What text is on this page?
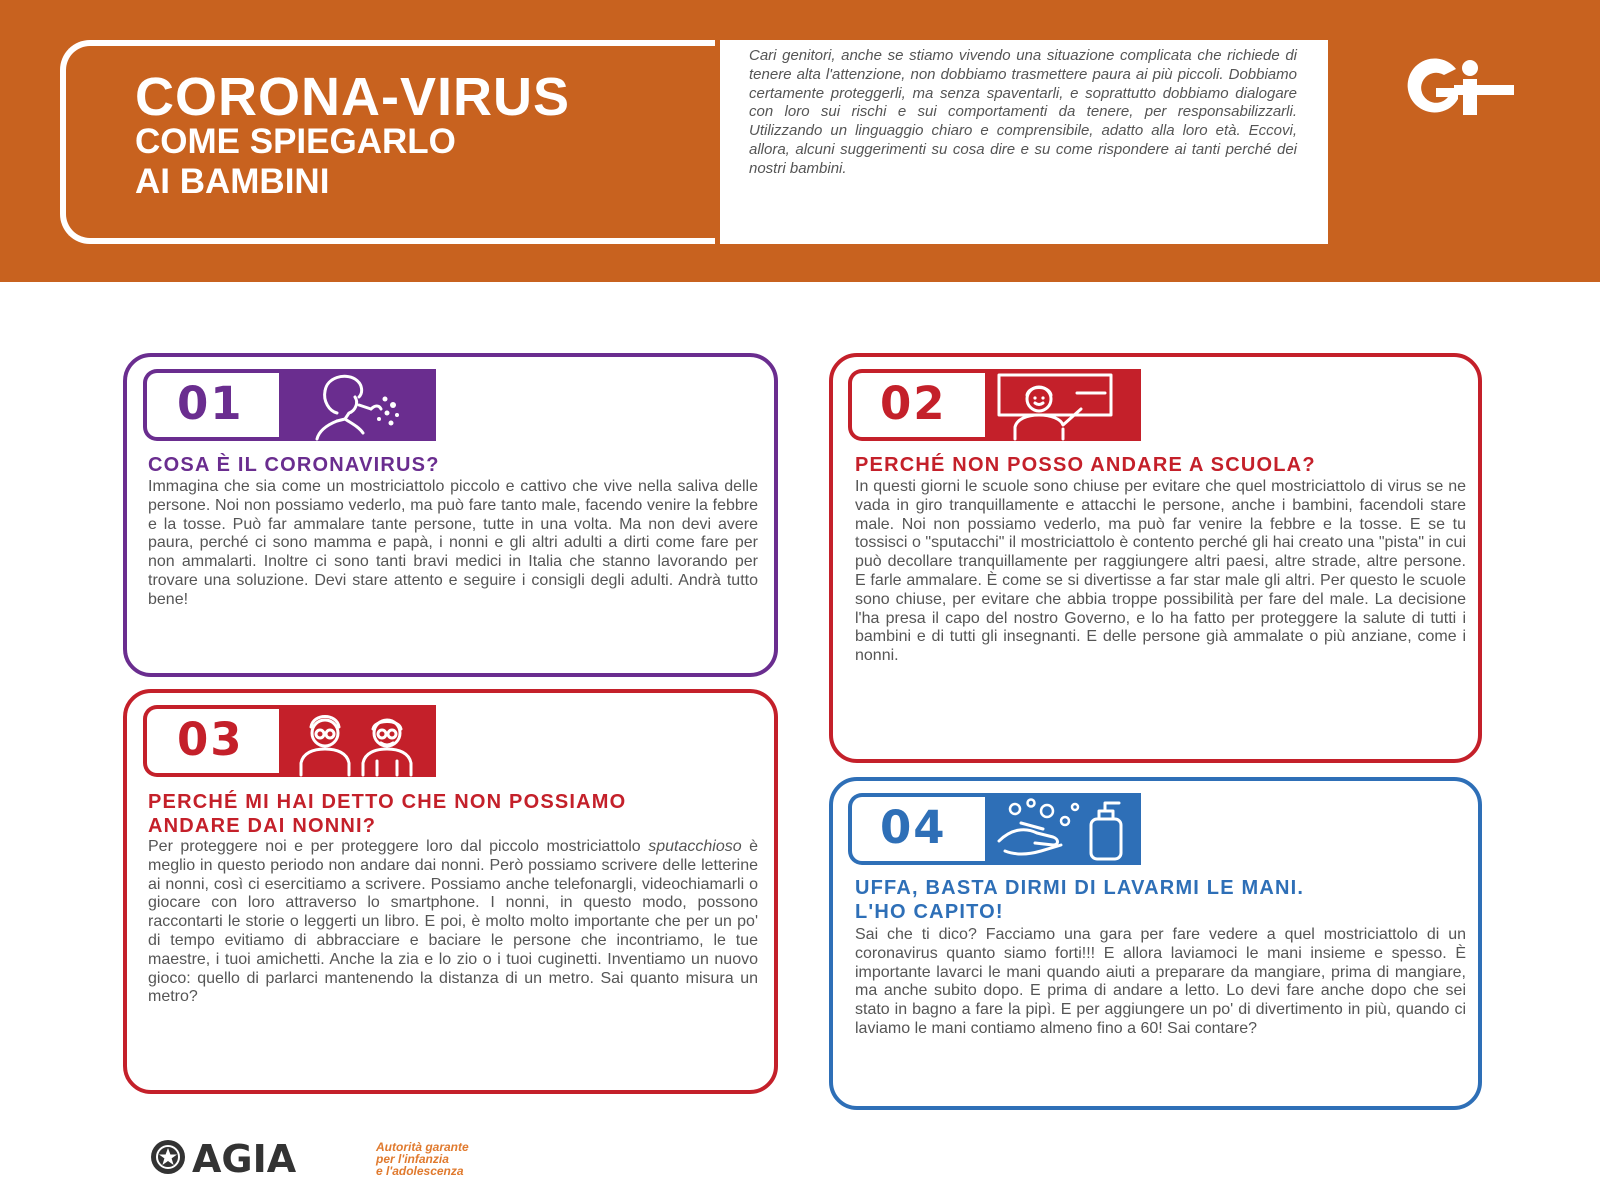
CORONA-VIRUS
COME SPIEGARLO
AI BAMBINI

Cari genitori, anche se stiamo vivendo una situazione complicata che richiede di tenere alta l'attenzione, non dobbiamo trasmettere paura ai più piccoli. Dobbiamo certamente proteggerli, ma senza spaventarli, e soprattutto dobbiamo dialogare con loro sui rischi e sui comportamenti da tenere, per responsabilizzarli. Utilizzando un linguaggio chiaro e comprensibile, adatto alla loro età. Eccovi, allora, alcuni suggerimenti su cosa dire e su come rispondere ai tanti perché dei nostri bambini.

01

COSA È IL CORONAVIRUS?

Immagina che sia come un mostriciattolo piccolo e cattivo che vive nella saliva delle persone. Noi non possiamo vederlo, ma può fare tanto male, facendo venire la febbre e la tosse. Può far ammalare tante persone, tutte in una volta. Ma non devi avere paura, perché ci sono mamma e papà, i nonni e gli altri adulti a dirti come fare per non ammalarti. Inoltre ci sono tanti bravi medici in Italia che stanno lavorando per trovare una soluzione. Devi stare attento e seguire i consigli degli adulti. Andrà tutto bene!

02

PERCHÉ NON POSSO ANDARE A SCUOLA?

In questi giorni le scuole sono chiuse per evitare che quel mostriciattolo di virus se ne vada in giro tranquillamente e attacchi le persone, anche i bambini, facendoli stare male. Noi non possiamo vederlo, ma può far venire la febbre e la tosse. E se tu tossisci o "sputacchi" il mostriciattolo è contento perché gli hai creato una "pista" in cui può decollare tranquillamente per raggiungere altri paesi, altre strade, altre persone. E farle ammalare. È come se si divertisse a far star male gli altri. Per questo le scuole sono chiuse, per evitare che abbia troppe possibilità per fare del male. La decisione l'ha presa il capo del nostro Governo, e lo ha fatto per proteggere la salute di tutti i bambini e di tutti gli insegnanti. E delle persone già ammalate o più anziane, come i nonni.

03

PERCHÉ MI HAI DETTO CHE NON POSSIAMO
ANDARE DAI NONNI?

Per proteggere noi e per proteggere loro dal piccolo mostriciattolo sputacchioso è meglio in questo periodo non andare dai nonni. Però possiamo scrivere delle letterine ai nonni, così ci esercitiamo a scrivere. Possiamo anche telefonargli, videochiamarli o giocare con loro attraverso lo smartphone. I nonni, in questo modo, possono raccontarti le storie o leggerti un libro. E poi, è molto molto importante che per un po' di tempo evitiamo di abbracciare e baciare le persone che incontriamo, le tue maestre, i tuoi amichetti. Anche la zia e lo zio o i tuoi cuginetti. Inventiamo un nuovo gioco: quello di parlarci mantenendo la distanza di un metro. Sai quanto misura un metro?

04

UFFA, BASTA DIRMI DI LAVARMI LE MANI.
L'HO CAPITO!

Sai che ti dico? Facciamo una gara per fare vedere a quel mostriciattolo di un coronavirus quanto siamo forti!!! E allora laviamoci le mani insieme e spesso. È importante lavarci le mani quando aiuti a preparare da mangiare, prima di mangiare, ma anche subito dopo. E prima di andare a letto. Lo devi fare anche dopo che sei stato in bagno a fare la pipì. E per aggiungere un po' di divertimento in più, quando ci laviamo le mani contiamo almeno fino a 60! Sai contare?

AGIA	Autorità garante
per l'infanzia
e l'adolescenza
